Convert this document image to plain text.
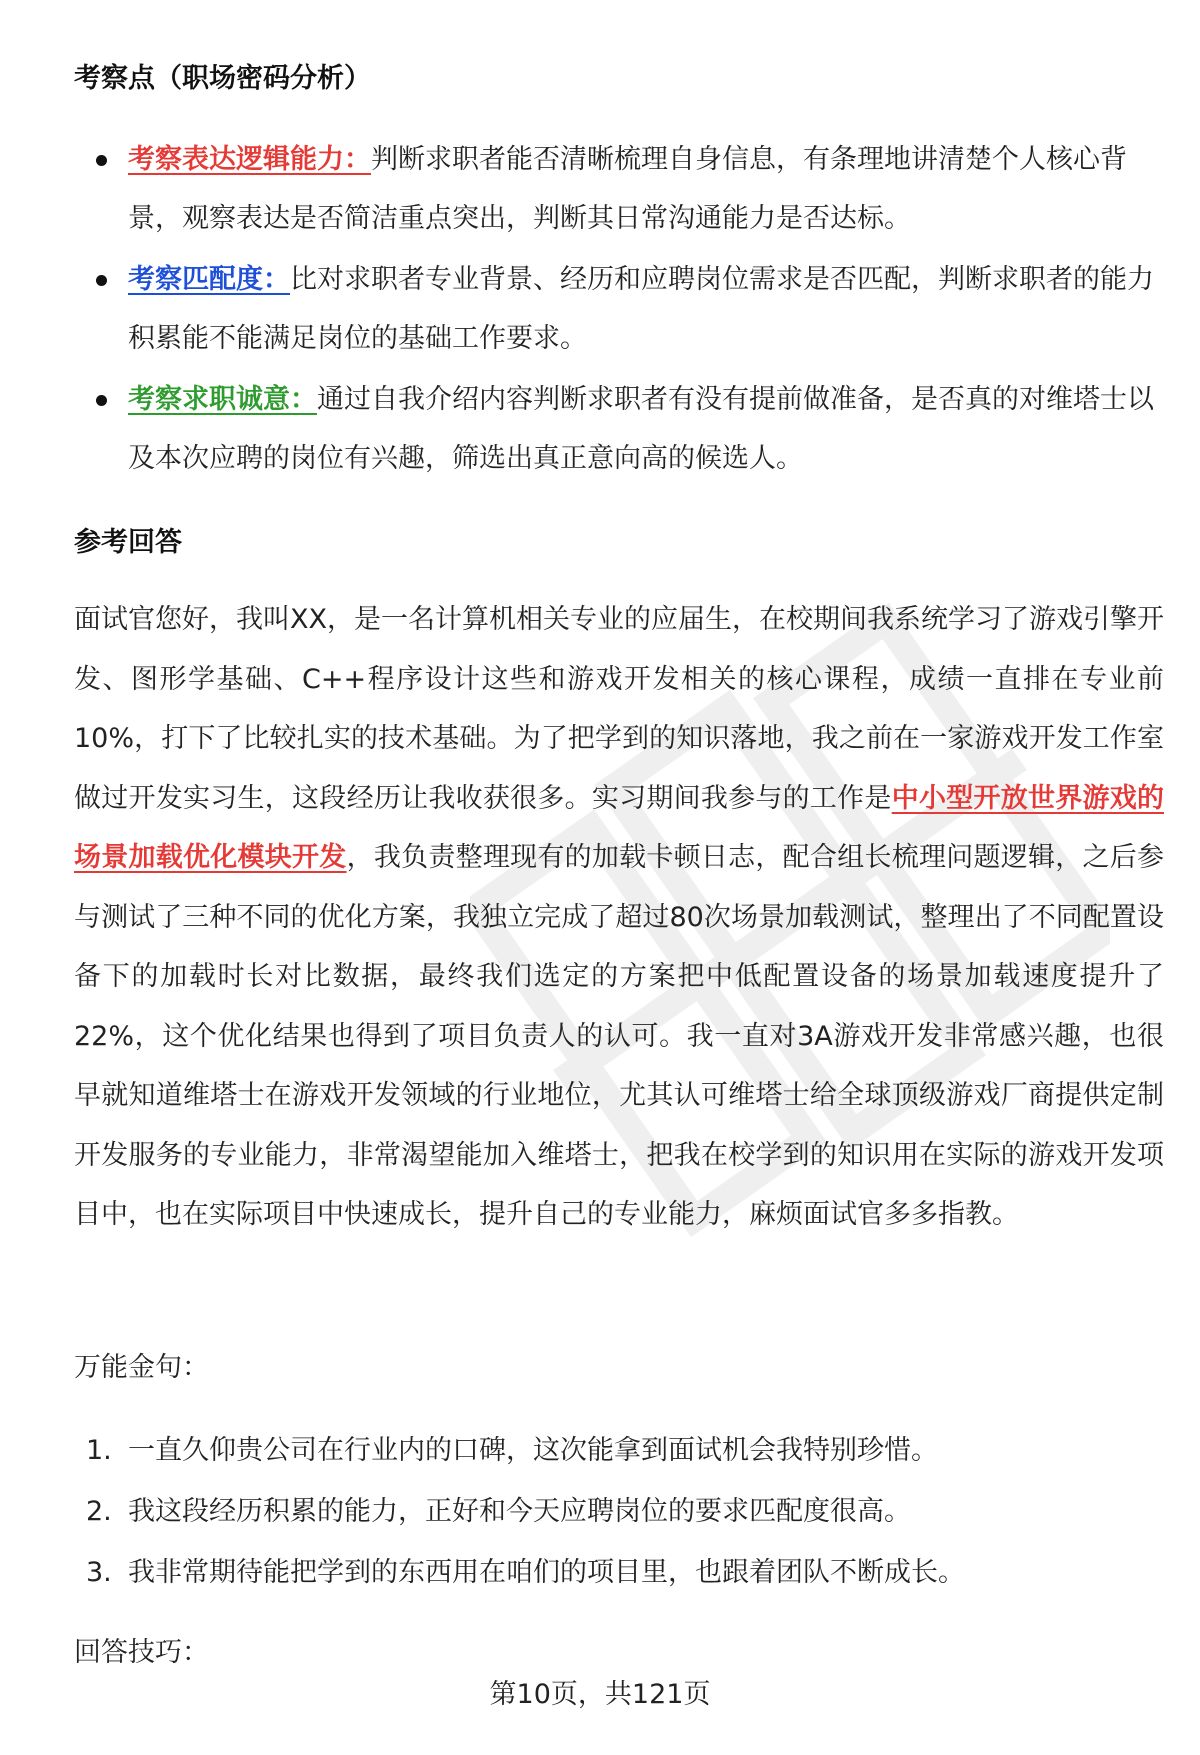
考察点（职场密码分析）
考察表达逻辑能力：判断求职者能否清晰梳理自身信息，有条理地讲清楚个人核心背景，观察表达是否简洁重点突出，判断其日常沟通能力是否达标。
考察匹配度：比对求职者专业背景、经历和应聘岗位需求是否匹配，判断求职者的能力积累能不能满足岗位的基础工作要求。
考察求职诚意：通过自我介绍内容判断求职者有没有提前做准备，是否真的对维塔士以及本次应聘的岗位有兴趣，筛选出真正意向高的候选人。
参考回答

面试官您好，我叫XX，是一名计算机相关专业的应届生，在校期间我系统学习了游戏引擎开发、图形学基础、C++程序设计这些和游戏开发相关的核心课程，成绩一直排在专业前10%，打下了比较扎实的技术基础。为了把学到的知识落地，我之前在一家游戏开发工作室做过开发实习生，这段经历让我收获很多。实习期间我参与的工作是中小型开放世界游戏的场景加载优化模块开发，我负责整理现有的加载卡顿日志，配合组长梳理问题逻辑，之后参与测试了三种不同的优化方案，我独立完成了超过80次场景加载测试，整理出了不同配置设备下的加载时长对比数据，最终我们选定的方案把中低配置设备的场景加载速度提升了22%，这个优化结果也得到了项目负责人的认可。我一直对3A游戏开发非常感兴趣，也很早就知道维塔士在游戏开发领域的行业地位，尤其认可维塔士给全球顶级游戏厂商提供定制开发服务的专业能力，非常渴望能加入维塔士，把我在校学到的知识用在实际的游戏开发项目中，也在实际项目中快速成长，提升自己的专业能力，麻烦面试官多多指教。

万能金句：
1. 一直久仰贵公司在行业内的口碑，这次能拿到面试机会我特别珍惜。
2. 我这段经历积累的能力，正好和今天应聘岗位的要求匹配度很高。
3. 我非常期待能把学到的东西用在咱们的项目里，也跟着团队不断成长。
回答技巧：
第10页，共121页
